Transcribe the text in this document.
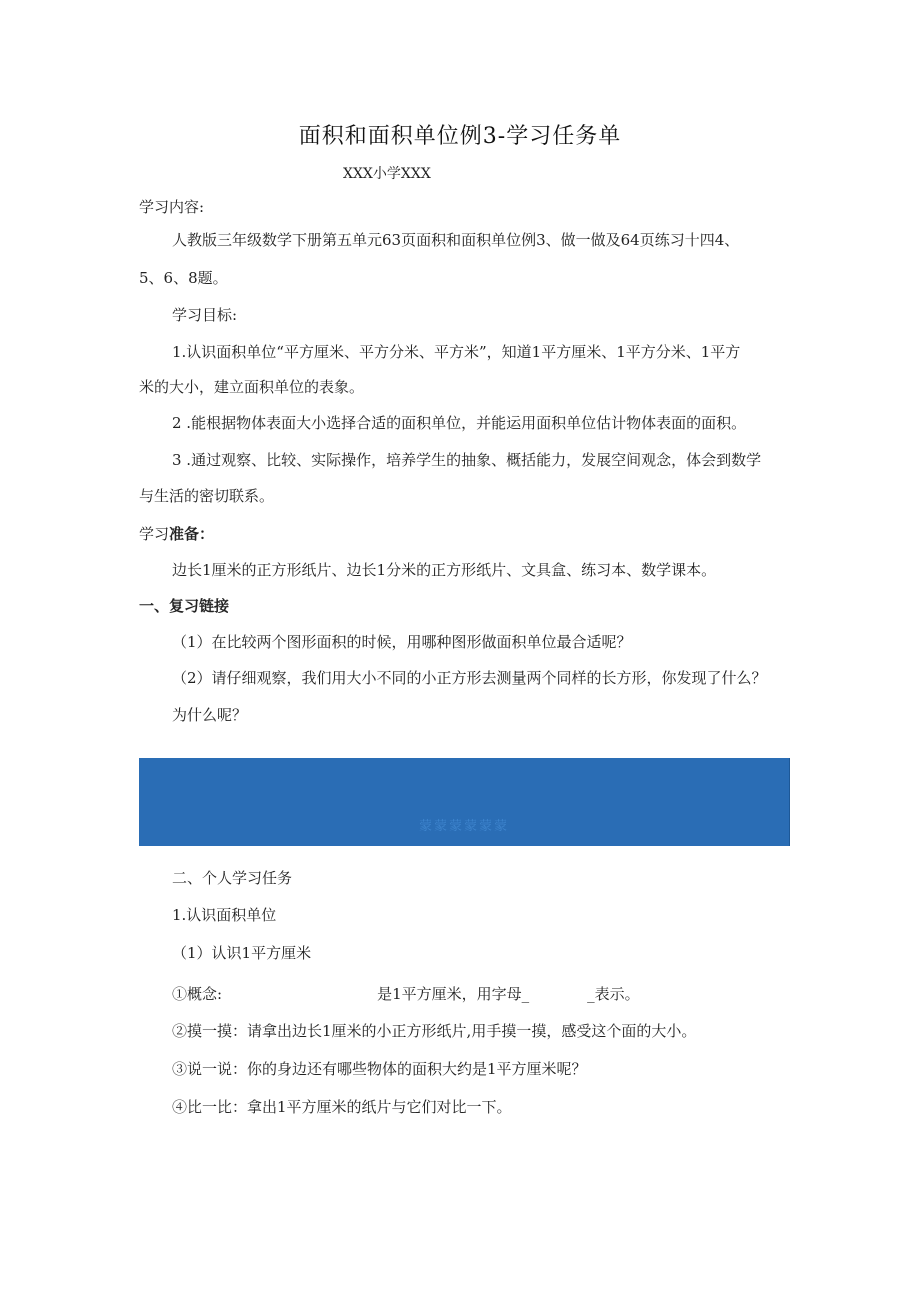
面积和面积单位例3-学习任务单
XXX小学XXX
学习内容:
人教版三年级数学下册第五单元63页面积和面积单位例3、做一做及64页练习十四4、
5、6、8题。
学习目标:
1.认识面积单位“平方厘米、平方分米、平方米”，知道1平方厘米、1平方分米、1平方
米的大小，建立面积单位的表象。
2 .能根据物体表面大小选择合适的面积单位，并能运用面积单位估计物体表面的面积。
3 .通过观察、比较、实际操作，培养学生的抽象、概括能力，发展空间观念，体会到数学
与生活的密切联系。
学习准备：
边长1厘米的正方形纸片、边长1分米的正方形纸片、文具盒、练习本、数学课本。
一、复习链接
（1）在比较两个图形面积的时候，用哪种图形做面积单位最合适呢？
（2）请仔细观察，我们用大小不同的小正方形去测量两个同样的长方形，你发现了什么？
为什么呢？
蒙蒙蒙蒙蒙蒙
二、个人学习任务
1.认识面积单位
（1）认识1平方厘米
①概念:	是1平方厘米，用字母_	_表示。
②摸一摸：请拿出边长1厘米的小正方形纸片,用手摸一摸，感受这个面的大小。
③说一说：你的身边还有哪些物体的面积大约是1平方厘米呢？
④比一比：拿出1平方厘米的纸片与它们对比一下。
